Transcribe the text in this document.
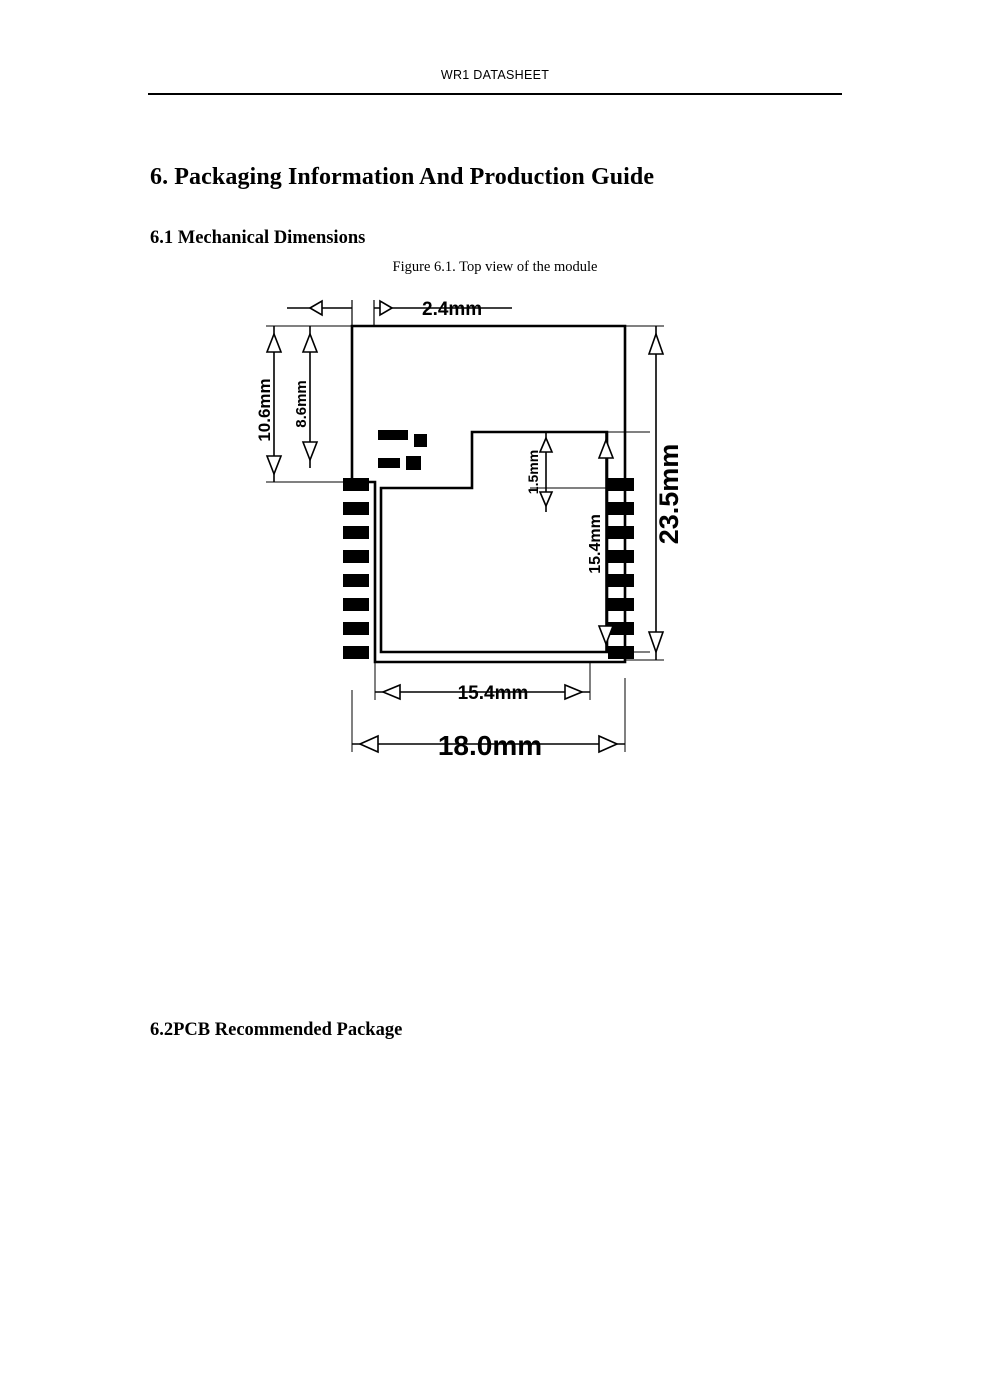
WR1 DATASHEET
6. Packaging Information And Production Guide
6.1 Mechanical Dimensions
Figure 6.1. Top view of the module
2.4mm
10.6mm 8.6mm
1.5mm
15.4mm 23.5mm
15.4mm
18.0mm
6.2PCB Recommended Package
